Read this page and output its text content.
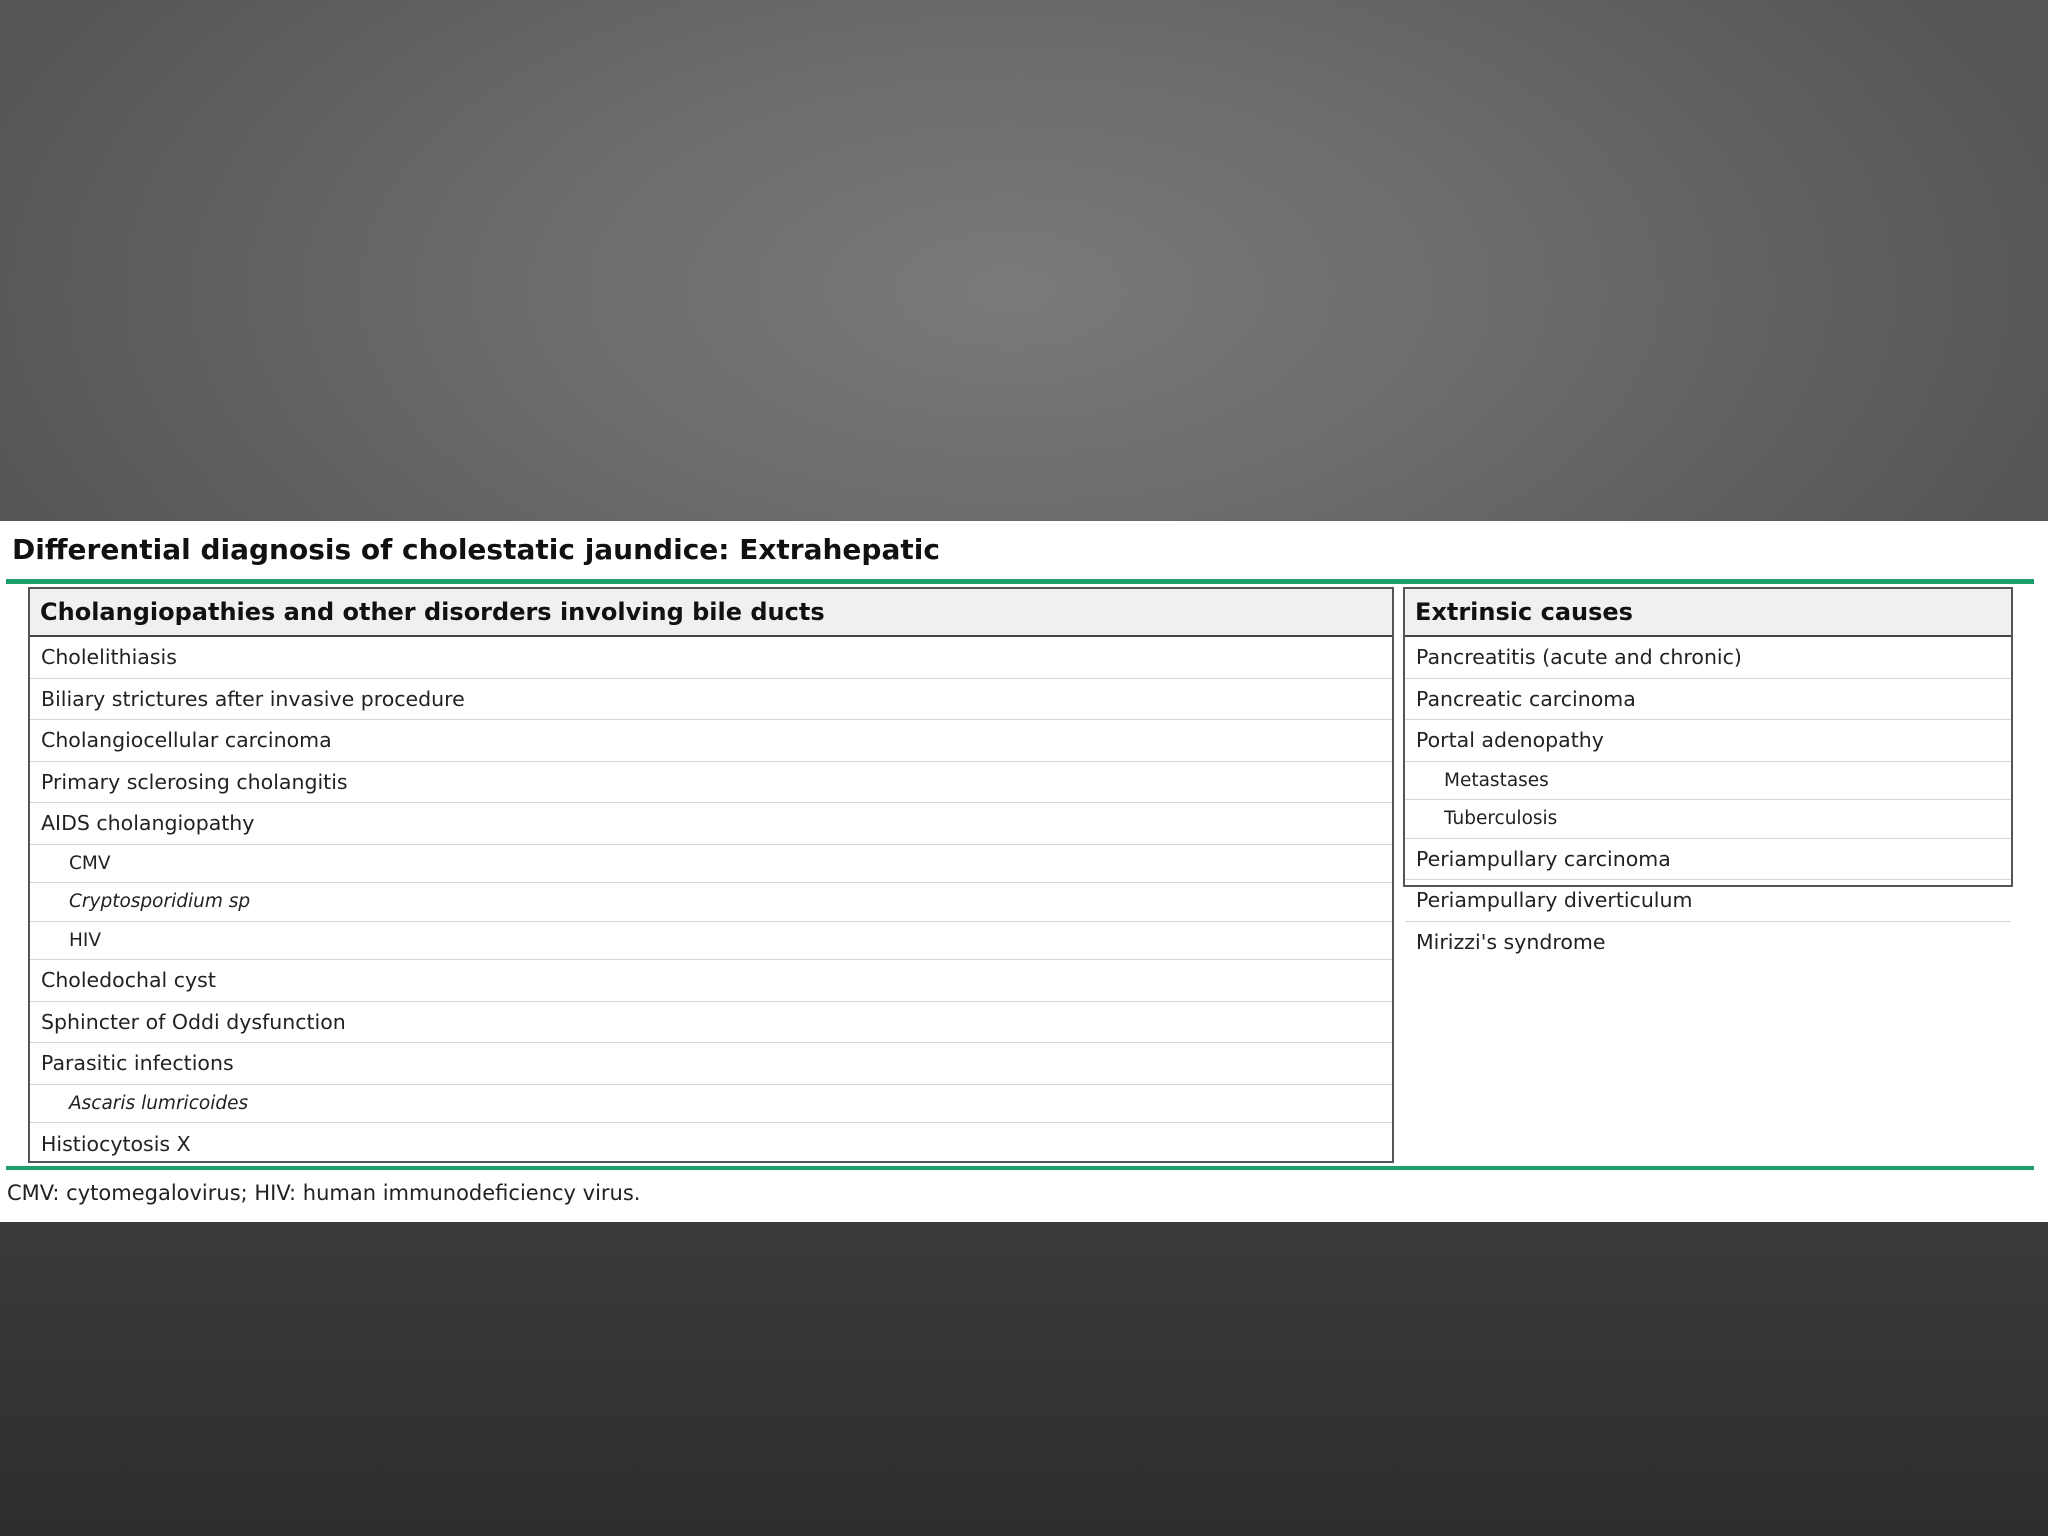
Differential diagnosis of cholestatic jaundice: Extrahepatic
Cholangiopathies and other disorders involving bile ducts
Cholelithiasis
Biliary strictures after invasive procedure
Cholangiocellular carcinoma
Primary sclerosing cholangitis
AIDS cholangiopathy
CMV
Cryptosporidium sp
HIV
Choledochal cyst
Sphincter of Oddi dysfunction
Parasitic infections
Ascaris lumricoides
Histiocytosis X
Extrinsic causes
Pancreatitis (acute and chronic)
Pancreatic carcinoma
Portal adenopathy
Metastases
Tuberculosis
Periampullary carcinoma
Periampullary diverticulum
Mirizzi's syndrome
CMV: cytomegalovirus; HIV: human immunodeficiency virus.
